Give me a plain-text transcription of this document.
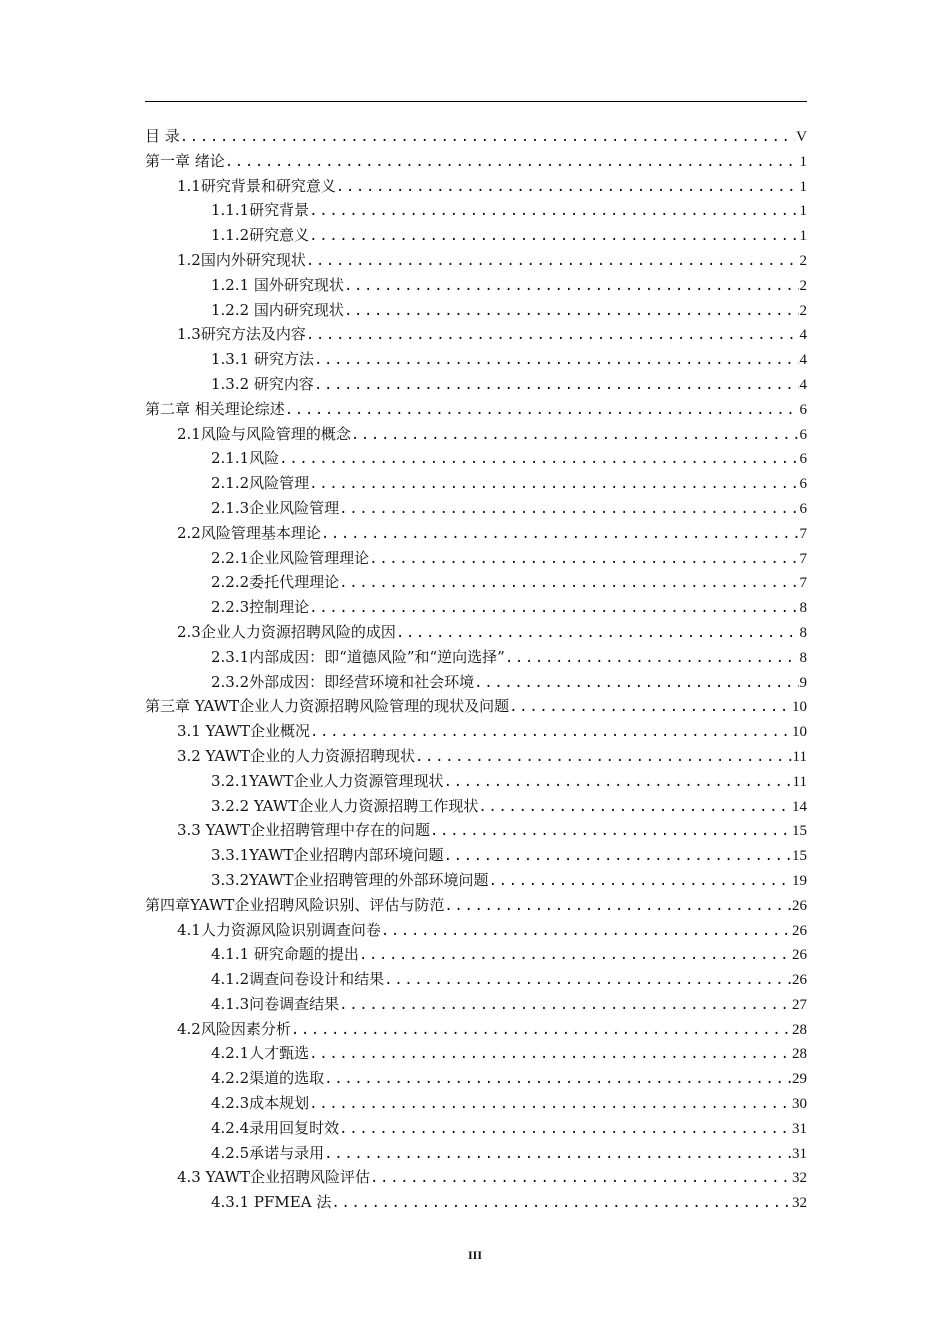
目 录 .....	V
第一章 绪论 .....	1
1.1研究背景和研究意义 .....	1
1.1.1研究背景 .....	1
1.1.2研究意义 .....	1
1.2国内外研究现状 .....	2
1.2.1 国外研究现状 .....	2
1.2.2 国内研究现状 .....	2
1.3研究方法及内容 .....	4
1.3.1 研究方法 .....	4
1.3.2 研究内容 .....	4
第二章 相关理论综述 .....	6
2.1风险与风险管理的概念 .....	6
2.1.1风险 .....	6
2.1.2风险管理 .....	6
2.1.3企业风险管理 .....	6
2.2风险管理基本理论 .....	7
2.2.1企业风险管理理论 .....	7
2.2.2委托代理理论 .....	7
2.2.3控制理论 .....	8
2.3企业人力资源招聘风险的成因 .....	8
2.3.1内部成因：即“道德风险”和“逆向选择” .....	8
2.3.2外部成因：即经营环境和社会环境 .....	9
第三章 YAWT企业人力资源招聘风险管理的现状及问题 .....	10
3.1 YAWT企业概况 .....	10
3.2 YAWT企业的人力资源招聘现状 .....	11
3.2.1YAWT企业人力资源管理现状 .....	11
3.2.2 YAWT企业人力资源招聘工作现状 .....	14
3.3 YAWT企业招聘管理中存在的问题 .....	15
3.3.1YAWT企业招聘内部环境问题 .....	15
3.3.2YAWT企业招聘管理的外部环境问题 .....	19
第四章YAWT企业招聘风险识别、评估与防范 .....	26
4.1人力资源风险识别调查问卷 .....	26
4.1.1 研究命题的提出 .....	26
4.1.2调查问卷设计和结果 .....	26
4.1.3问卷调查结果 .....	27
4.2风险因素分析 .....	28
4.2.1人才甄选 .....	28
4.2.2渠道的选取 .....	29
4.2.3成本规划 .....	30
4.2.4录用回复时效 .....	31
4.2.5承诺与录用 .....	31
4.3 YAWT企业招聘风险评估 .....	32
4.3.1 PFMEA 法 .....	32
III
